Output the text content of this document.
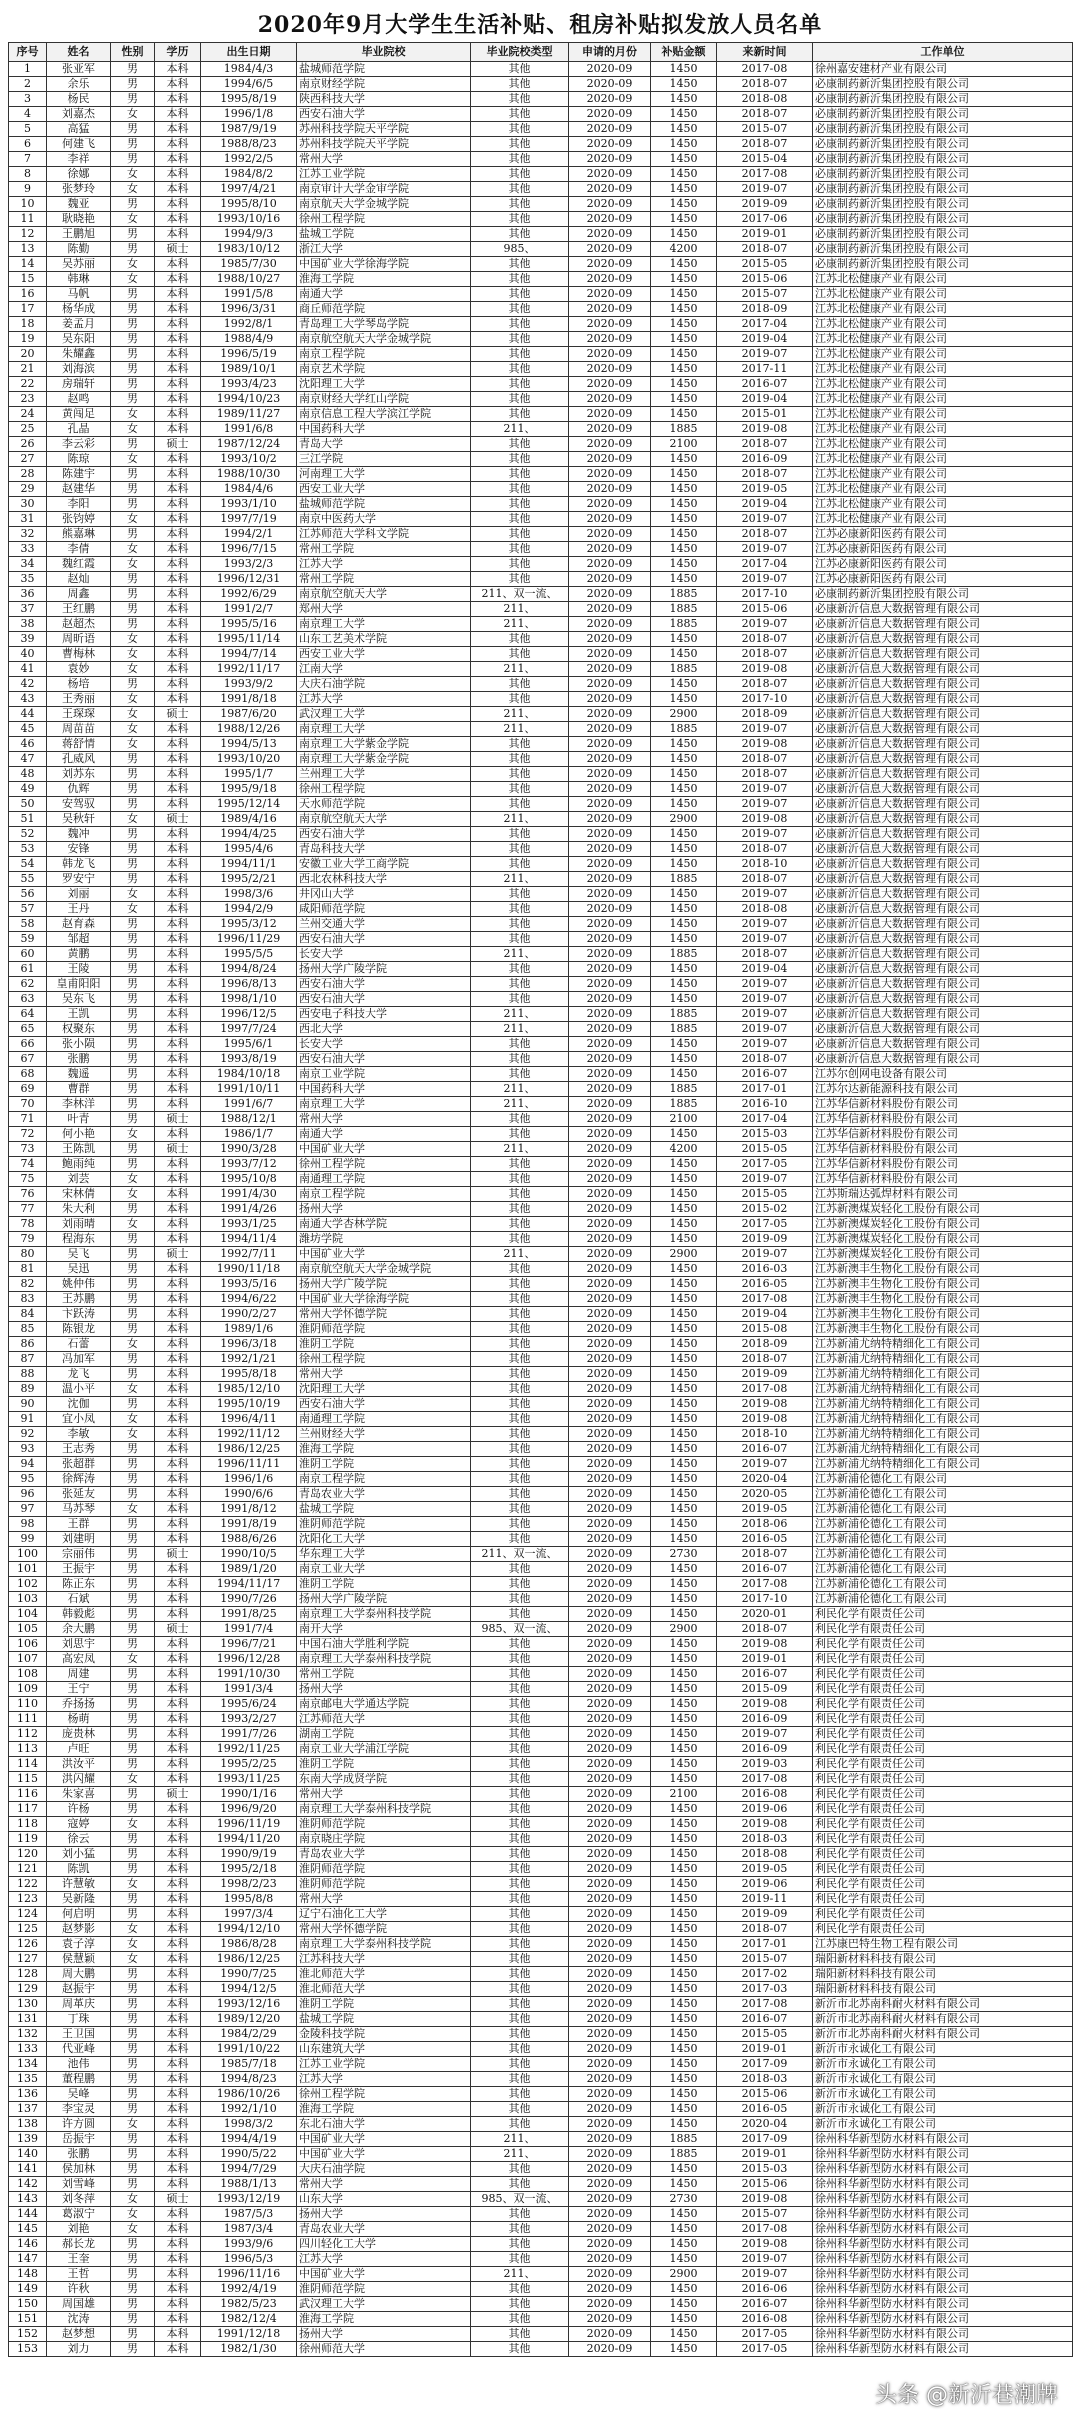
2020年9月大学生生活补贴、租房补贴拟发放人员名单
序号	姓名	性别	学历	出生日期	毕业院校	毕业院校类型	申请的月份	补贴金额	来新时间	工作单位
1	张亚军	男	本科	1984/4/3	盐城师范学院	其他	2020-09	1450	2017-08	徐州嘉安建材产业有限公司
2	余乐	男	本科	1994/6/5	南京财经学院	其他	2020-09	1450	2018-07	必康制药新沂集团控股有限公司
3	杨民	男	本科	1995/8/19	陕西科技大学	其他	2020-09	1450	2018-08	必康制药新沂集团控股有限公司
4	刘嘉杰	女	本科	1996/1/8	西安石油大学	其他	2020-09	1450	2018-07	必康制药新沂集团控股有限公司
5	高猛	男	本科	1987/9/19	苏州科技学院天平学院	其他	2020-09	1450	2015-07	必康制药新沂集团控股有限公司
6	何建飞	男	本科	1988/8/23	苏州科技学院天平学院	其他	2020-09	1450	2018-07	必康制药新沂集团控股有限公司
7	李祥	男	本科	1992/2/5	常州大学	其他	2020-09	1450	2015-04	必康制药新沂集团控股有限公司
8	徐娜	女	本科	1984/8/2	江苏工业学院	其他	2020-09	1450	2017-08	必康制药新沂集团控股有限公司
9	张梦玲	女	本科	1997/4/21	南京审计大学金审学院	其他	2020-09	1450	2019-07	必康制药新沂集团控股有限公司
10	魏亚	男	本科	1995/8/10	南京航天大学金城学院	其他	2020-09	1450	2019-09	必康制药新沂集团控股有限公司
11	耿晓艳	女	本科	1993/10/16	徐州工程学院	其他	2020-09	1450	2017-06	必康制药新沂集团控股有限公司
12	王鹏旭	男	本科	1994/9/3	盐城工学院	其他	2020-09	1450	2019-01	必康制药新沂集团控股有限公司
13	陈勤	男	硕士	1983/10/12	浙江大学	985、	2020-09	4200	2018-07	必康制药新沂集团控股有限公司
14	吴苏丽	女	本科	1985/7/30	中国矿业大学徐海学院	其他	2020-09	1450	2015-05	必康制药新沂集团控股有限公司
15	韩琳	女	本科	1988/10/27	淮海工学院	其他	2020-09	1450	2015-06	江苏北松健康产业有限公司
16	马帆	男	本科	1991/5/8	南通大学	其他	2020-09	1450	2015-07	江苏北松健康产业有限公司
17	杨华成	男	本科	1996/3/31	商丘师范学院	其他	2020-09	1450	2018-09	江苏北松健康产业有限公司
18	姜孟月	男	本科	1992/8/1	青岛理工大学琴岛学院	其他	2020-09	1450	2017-04	江苏北松健康产业有限公司
19	吴东阳	男	本科	1988/4/9	南京航空航天大学金城学院	其他	2020-09	1450	2019-04	江苏北松健康产业有限公司
20	朱耀鑫	男	本科	1996/5/19	南京工程学院	其他	2020-09	1450	2019-07	江苏北松健康产业有限公司
21	刘海滨	男	本科	1989/10/1	南京艺术学院	其他	2020-09	1450	2017-11	江苏北松健康产业有限公司
22	房瑞轩	男	本科	1993/4/23	沈阳理工大学	其他	2020-09	1450	2016-07	江苏北松健康产业有限公司
23	赵鸣	男	本科	1994/10/23	南京财经大学红山学院	其他	2020-09	1450	2019-04	江苏北松健康产业有限公司
24	黄闯足	女	本科	1989/11/27	南京信息工程大学滨江学院	其他	2020-09	1450	2015-01	江苏北松健康产业有限公司
25	孔晶	女	本科	1991/6/8	中国药科大学	211、	2020-09	1885	2019-08	江苏北松健康产业有限公司
26	李云彩	男	硕士	1987/12/24	青岛大学	其他	2020-09	2100	2018-07	江苏北松健康产业有限公司
27	陈琼	女	本科	1993/10/2	三江学院	其他	2020-09	1450	2016-09	江苏北松健康产业有限公司
28	陈建宇	男	本科	1988/10/30	河南理工大学	其他	2020-09	1450	2018-07	江苏北松健康产业有限公司
29	赵建华	男	本科	1984/4/6	西安工业大学	其他	2020-09	1450	2019-05	江苏北松健康产业有限公司
30	李阳	男	本科	1993/1/10	盐城师范学院	其他	2020-09	1450	2019-04	江苏北松健康产业有限公司
31	张钧婷	女	本科	1997/7/19	南京中医药大学	其他	2020-09	1450	2019-07	江苏北松健康产业有限公司
32	熊嘉琳	男	本科	1994/2/1	江苏师范大学科文学院	其他	2020-09	1450	2018-07	江苏必康新阳医药有限公司
33	李倩	女	本科	1996/7/15	常州工学院	其他	2020-09	1450	2019-07	江苏必康新阳医药有限公司
34	魏红霞	女	本科	1993/2/3	江苏大学	其他	2020-09	1450	2017-04	江苏必康新阳医药有限公司
35	赵灿	男	本科	1996/12/31	常州工学院	其他	2020-09	1450	2019-07	江苏必康新阳医药有限公司
36	周鑫	男	本科	1992/6/29	南京航空航天大学	211、双一流、	2020-09	1885	2017-10	必康制药新沂集团控股有限公司
37	王红鹏	男	本科	1991/2/7	郑州大学	211、	2020-09	1885	2015-06	必康新沂信息大数据管理有限公司
38	赵超杰	男	本科	1995/5/16	南京理工大学	211、	2020-09	1885	2019-07	必康新沂信息大数据管理有限公司
39	周昕语	女	本科	1995/11/14	山东工艺美术学院	其他	2020-09	1450	2018-07	必康新沂信息大数据管理有限公司
40	曹梅林	女	本科	1994/7/14	西安工业大学	其他	2020-09	1450	2018-07	必康新沂信息大数据管理有限公司
41	袁妙	女	本科	1992/11/17	江南大学	211、	2020-09	1885	2019-08	必康新沂信息大数据管理有限公司
42	杨培	男	本科	1993/9/2	大庆石油学院	其他	2020-09	1450	2018-07	必康新沂信息大数据管理有限公司
43	王秀丽	女	本科	1991/8/18	江苏大学	其他	2020-09	1450	2017-10	必康新沂信息大数据管理有限公司
44	王琛琛	女	硕士	1987/6/20	武汉理工大学	211、	2020-09	2900	2018-09	必康新沂信息大数据管理有限公司
45	周苗苗	女	本科	1988/12/26	南京理工大学	211、	2020-09	1885	2019-07	必康新沂信息大数据管理有限公司
46	蒋舒情	女	本科	1994/5/13	南京理工大学紫金学院	其他	2020-09	1450	2019-08	必康新沂信息大数据管理有限公司
47	孔威风	男	本科	1993/10/20	南京理工大学紫金学院	其他	2020-09	1450	2018-07	必康新沂信息大数据管理有限公司
48	刘苏东	男	本科	1995/1/7	兰州理工大学	其他	2020-09	1450	2018-07	必康新沂信息大数据管理有限公司
49	仇辉	男	本科	1995/9/18	徐州工程学院	其他	2020-09	1450	2019-07	必康新沂信息大数据管理有限公司
50	安驾驭	男	本科	1995/12/14	天水师范学院	其他	2020-09	1450	2019-07	必康新沂信息大数据管理有限公司
51	吴秋轩	女	硕士	1989/4/16	南京航空航天大学	211、	2020-09	2900	2019-08	必康新沂信息大数据管理有限公司
52	魏冲	男	本科	1994/4/25	西安石油大学	其他	2020-09	1450	2019-07	必康新沂信息大数据管理有限公司
53	安锋	男	本科	1995/4/6	青岛科技大学	其他	2020-09	1450	2018-07	必康新沂信息大数据管理有限公司
54	韩龙飞	男	本科	1994/11/1	安徽工业大学工商学院	其他	2020-09	1450	2018-10	必康新沂信息大数据管理有限公司
55	罗安宁	男	本科	1995/2/21	西北农林科技大学	211、	2020-09	1885	2018-07	必康新沂信息大数据管理有限公司
56	刘丽	女	本科	1998/3/6	井冈山大学	其他	2020-09	1450	2019-07	必康新沂信息大数据管理有限公司
57	王丹	女	本科	1994/2/9	咸阳师范学院	其他	2020-09	1450	2018-08	必康新沂信息大数据管理有限公司
58	赵育森	男	本科	1995/3/12	兰州交通大学	其他	2020-09	1450	2019-07	必康新沂信息大数据管理有限公司
59	邹超	男	本科	1996/11/29	西安石油大学	其他	2020-09	1450	2019-07	必康新沂信息大数据管理有限公司
60	黄鹏	男	本科	1995/5/5	长安大学	211、	2020-09	1885	2018-07	必康新沂信息大数据管理有限公司
61	王陵	男	本科	1994/8/24	扬州大学广陵学院	其他	2020-09	1450	2019-04	必康新沂信息大数据管理有限公司
62	皇甫阳阳	男	本科	1996/8/13	西安石油大学	其他	2020-09	1450	2019-07	必康新沂信息大数据管理有限公司
63	吴东飞	男	本科	1998/1/10	西安石油大学	其他	2020-09	1450	2019-07	必康新沂信息大数据管理有限公司
64	王凯	男	本科	1996/12/5	西安电子科技大学	211、	2020-09	1885	2019-07	必康新沂信息大数据管理有限公司
65	权聚东	男	本科	1997/7/24	西北大学	211、	2020-09	1885	2019-07	必康新沂信息大数据管理有限公司
66	张小陨	男	本科	1995/6/1	长安大学	其他	2020-09	1450	2019-07	必康新沂信息大数据管理有限公司
67	张鹏	男	本科	1993/8/19	西安石油大学	其他	2020-09	1450	2018-07	必康新沂信息大数据管理有限公司
68	魏遥	男	本科	1984/10/18	南京工业学院	其他	2020-09	1450	2016-07	江苏尔创网电设备有限公司
69	曹群	男	本科	1991/10/11	中国药科大学	211、	2020-09	1885	2017-01	江苏尔达新能源科技有限公司
70	李林洋	男	本科	1991/6/7	南京理工大学	211、	2020-09	1885	2016-10	江苏华信新材料股份有限公司
71	叶青	男	硕士	1988/12/1	常州大学	其他	2020-09	2100	2017-04	江苏华信新材料股份有限公司
72	何小艳	女	本科	1986/1/7	南通大学	其他	2020-09	1450	2015-03	江苏华信新材料股份有限公司
73	王陈凯	男	硕士	1990/3/28	中国矿业大学	211、	2020-09	4200	2015-05	江苏华信新材料股份有限公司
74	鲍雨纯	男	本科	1993/7/12	徐州工程学院	其他	2020-09	1450	2017-05	江苏华信新材料股份有限公司
75	刘芸	女	本科	1995/10/8	南通理工学院	其他	2020-09	1450	2019-07	江苏华信新材料股份有限公司
76	宋林倩	女	本科	1991/4/30	南京工程学院	其他	2020-09	1450	2015-05	江苏斯瑞达弧焊材料有限公司
77	朱大利	男	本科	1991/4/26	扬州大学	其他	2020-09	1450	2015-02	江苏新澳煤炭轻化工股份有限公司
78	刘雨晴	女	本科	1993/1/25	南通大学杏林学院	其他	2020-09	1450	2017-05	江苏新澳煤炭轻化工股份有限公司
79	程海东	男	本科	1994/11/4	潍坊学院	其他	2020-09	1450	2019-09	江苏新澳煤炭轻化工股份有限公司
80	吴飞	男	硕士	1992/7/11	中国矿业大学	211、	2020-09	2900	2019-07	江苏新澳煤炭轻化工股份有限公司
81	吴迅	男	本科	1990/11/18	南京航空航天大学金城学院	其他	2020-09	1450	2016-03	江苏新澳丰生物化工股份有限公司
82	姚仲伟	男	本科	1993/5/16	扬州大学广陵学院	其他	2020-09	1450	2016-05	江苏新澳丰生物化工股份有限公司
83	王苏鹏	男	本科	1994/6/22	中国矿业大学徐海学院	其他	2020-09	1450	2017-08	江苏新澳丰生物化工股份有限公司
84	卞跃涛	男	本科	1990/2/27	常州大学怀德学院	其他	2020-09	1450	2019-04	江苏新澳丰生物化工股份有限公司
85	陈银龙	男	本科	1989/1/6	淮阴师范学院	其他	2020-09	1450	2015-08	江苏新澳丰生物化工股份有限公司
86	石蕾	女	本科	1996/3/18	淮阴工学院	其他	2020-09	1450	2018-09	江苏新浦尤纳特精细化工有限公司
87	冯加军	男	本科	1992/1/21	徐州工程学院	其他	2020-09	1450	2018-07	江苏新浦尤纳特精细化工有限公司
88	龙飞	男	本科	1995/8/18	常州大学	其他	2020-09	1450	2019-09	江苏新浦尤纳特精细化工有限公司
89	温小平	女	本科	1985/12/10	沈阳理工大学	其他	2020-09	1450	2017-08	江苏新浦尤纳特精细化工有限公司
90	沈伽	男	本科	1995/10/19	西安石油大学	其他	2020-09	1450	2019-08	江苏新浦尤纳特精细化工有限公司
91	宜小凤	女	本科	1996/4/11	南通理工学院	其他	2020-09	1450	2019-08	江苏新浦尤纳特精细化工有限公司
92	李敏	女	本科	1992/11/12	兰州财经大学	其他	2020-09	1450	2018-10	江苏新浦尤纳特精细化工有限公司
93	王志秀	男	本科	1986/12/25	淮海工学院	其他	2020-09	1450	2016-07	江苏新浦尤纳特精细化工有限公司
94	张超群	男	本科	1996/11/11	淮阴工学院	其他	2020-09	1450	2019-07	江苏新浦尤纳特精细化工有限公司
95	徐辉涛	男	本科	1996/1/6	南京工程学院	其他	2020-09	1450	2020-04	江苏新浦伦德化工有限公司
96	张延友	男	本科	1990/6/6	青岛农业大学	其他	2020-09	1450	2020-05	江苏新浦伦德化工有限公司
97	马苏琴	女	本科	1991/8/12	盐城工学院	其他	2020-09	1450	2019-05	江苏新浦伦德化工有限公司
98	王群	男	本科	1991/8/19	淮阴师范学院	其他	2020-09	1450	2018-06	江苏新浦伦德化工有限公司
99	刘建明	男	本科	1988/6/26	沈阳化工大学	其他	2020-09	1450	2016-05	江苏新浦伦德化工有限公司
100	宗丽伟	男	硕士	1990/10/5	华东理工大学	211、双一流、	2020-09	2730	2018-07	江苏新浦伦德化工有限公司
101	王振宇	男	本科	1989/1/20	南京工业大学	其他	2020-09	1450	2016-07	江苏新浦伦德化工有限公司
102	陈正东	男	本科	1994/11/17	淮阴工学院	其他	2020-09	1450	2017-08	江苏新浦伦德化工有限公司
103	石斌	男	本科	1990/7/26	扬州大学广陵学院	其他	2020-09	1450	2017-10	江苏新浦伦德化工有限公司
104	韩毅彪	男	本科	1991/8/25	南京理工大学泰州科技学院	其他	2020-09	1450	2020-01	利民化学有限责任公司
105	余大鹏	男	硕士	1991/7/4	南开大学	985、双一流、	2020-09	2900	2018-07	利民化学有限责任公司
106	刘思宇	男	本科	1996/7/21	中国石油大学胜利学院	其他	2020-09	1450	2019-08	利民化学有限责任公司
107	高宏凤	女	本科	1996/12/28	南京理工大学泰州科技学院	其他	2020-09	1450	2019-01	利民化学有限责任公司
108	周建	男	本科	1991/10/30	常州工学院	其他	2020-09	1450	2016-07	利民化学有限责任公司
109	王宁	男	本科	1991/3/4	扬州大学	其他	2020-09	1450	2015-09	利民化学有限责任公司
110	乔扬扬	男	本科	1995/6/24	南京邮电大学通达学院	其他	2020-09	1450	2019-08	利民化学有限责任公司
111	杨萌	男	本科	1993/2/27	江苏师范大学	其他	2020-09	1450	2016-09	利民化学有限责任公司
112	庞贵林	男	本科	1991/7/26	湖南工学院	其他	2020-09	1450	2019-07	利民化学有限责任公司
113	卢旺	男	本科	1992/11/25	南京工业大学浦江学院	其他	2020-09	1450	2016-09	利民化学有限责任公司
114	洪汝平	男	本科	1995/2/25	淮阴工学院	其他	2020-09	1450	2019-03	利民化学有限责任公司
115	洪闪耀	女	本科	1993/11/25	东南大学成贤学院	其他	2020-09	1450	2017-08	利民化学有限责任公司
116	朱家喜	男	硕士	1990/1/16	常州大学	其他	2020-09	2100	2016-08	利民化学有限责任公司
117	许杨	男	本科	1996/9/20	南京理工大学泰州科技学院	其他	2020-09	1450	2019-06	利民化学有限责任公司
118	寇婷	女	本科	1996/11/19	淮阴师范学院	其他	2020-09	1450	2019-08	利民化学有限责任公司
119	徐云	男	本科	1994/11/20	南京晓庄学院	其他	2020-09	1450	2018-03	利民化学有限责任公司
120	刘小猛	男	本科	1990/9/19	青岛农业大学	其他	2020-09	1450	2018-08	利民化学有限责任公司
121	陈凯	男	本科	1995/2/18	淮阴师范学院	其他	2020-09	1450	2019-05	利民化学有限责任公司
122	许慧敏	女	本科	1998/2/23	淮阴师范学院	其他	2020-09	1450	2019-06	利民化学有限责任公司
123	吴新隆	男	本科	1995/8/8	常州大学	其他	2020-09	1450	2019-11	利民化学有限责任公司
124	何启明	男	本科	1997/3/4	辽宁石油化工大学	其他	2020-09	1450	2019-09	利民化学有限责任公司
125	赵梦影	女	本科	1994/12/10	常州大学怀德学院	其他	2020-09	1450	2018-07	利民化学有限责任公司
126	袁子淳	女	本科	1986/8/28	南京理工大学泰州科技学院	其他	2020-09	1450	2017-01	江苏康巴特生物工程有限公司
127	侯慧颖	女	本科	1986/12/25	江苏科技大学	其他	2020-09	1450	2015-07	瑞阳新材料科技有限公司
128	周大鹏	男	本科	1990/7/25	淮北师范大学	其他	2020-09	1450	2017-02	瑞阳新材料科技有限公司
129	赵振宇	男	本科	1994/12/5	淮北师范大学	其他	2020-09	1450	2017-03	瑞阳新材料科技有限公司
130	周革庆	男	本科	1993/12/16	淮阴工学院	其他	2020-09	1450	2017-08	新沂市北苏南科耐火材料有限公司
131	丁珠	男	本科	1989/12/20	盐城工学院	其他	2020-09	1450	2016-07	新沂市北苏南科耐火材料有限公司
132	王卫国	男	本科	1984/2/29	金陵科技学院	其他	2020-09	1450	2015-05	新沂市北苏南科耐火材料有限公司
133	代亚峰	男	本科	1991/10/22	山东建筑大学	其他	2020-09	1450	2019-01	新沂市永诚化工有限公司
134	池伟	男	本科	1985/7/18	江苏工业学院	其他	2020-09	1450	2017-09	新沂市永诚化工有限公司
135	董程鹏	男	本科	1994/8/23	江苏大学	其他	2020-09	1450	2018-03	新沂市永诚化工有限公司
136	吴峰	男	本科	1986/10/26	徐州工程学院	其他	2020-09	1450	2015-06	新沂市永诚化工有限公司
137	李宝灵	男	本科	1992/1/10	淮海工学院	其他	2020-09	1450	2016-05	新沂市永诚化工有限公司
138	许方圆	女	本科	1998/3/2	东北石油大学	其他	2020-09	1450	2020-04	新沂市永诚化工有限公司
139	岳振宇	男	本科	1994/4/19	中国矿业大学	211、	2020-09	1885	2017-09	徐州科华新型防水材料有限公司
140	张鹏	男	本科	1990/5/22	中国矿业大学	211、	2020-09	1885	2019-01	徐州科华新型防水材料有限公司
141	侯加林	男	本科	1994/7/29	大庆石油学院	其他	2020-09	1450	2015-03	徐州科华新型防水材料有限公司
142	刘雪峰	男	本科	1988/1/13	常州大学	其他	2020-09	1450	2015-06	徐州科华新型防水材料有限公司
143	刘冬萍	女	硕士	1993/12/19	山东大学	985、双一流、	2020-09	2730	2019-08	徐州科华新型防水材料有限公司
144	葛淑宁	女	本科	1987/5/3	扬州大学	其他	2020-09	1450	2015-07	徐州科华新型防水材料有限公司
145	刘艳	女	本科	1987/3/4	青岛农业大学	其他	2020-09	1450	2017-08	徐州科华新型防水材料有限公司
146	郝长龙	男	本科	1993/9/6	四川轻化工大学	其他	2020-09	1450	2019-08	徐州科华新型防水材料有限公司
147	王奎	男	本科	1996/5/3	江苏大学	其他	2020-09	1450	2019-07	徐州科华新型防水材料有限公司
148	王哲	男	本科	1996/11/16	中国矿业大学	211、	2020-09	2900	2019-07	徐州科华新型防水材料有限公司
149	许秋	男	本科	1992/4/19	淮阴师范学院	其他	2020-09	1450	2016-06	徐州科华新型防水材料有限公司
150	周国雄	男	本科	1982/5/23	武汉理工大学	其他	2020-09	1450	2016-07	徐州科华新型防水材料有限公司
151	沈涛	男	本科	1982/12/4	淮海工学院	其他	2020-09	1450	2016-08	徐州科华新型防水材料有限公司
152	赵梦想	男	本科	1991/12/18	扬州大学	其他	2020-09	1450	2017-05	徐州科华新型防水材料有限公司
153	刘力	男	本科	1982/1/30	徐州师范大学	其他	2020-09	1450	2017-05	徐州科华新型防水材料有限公司
头条 @新沂巷潮牌
